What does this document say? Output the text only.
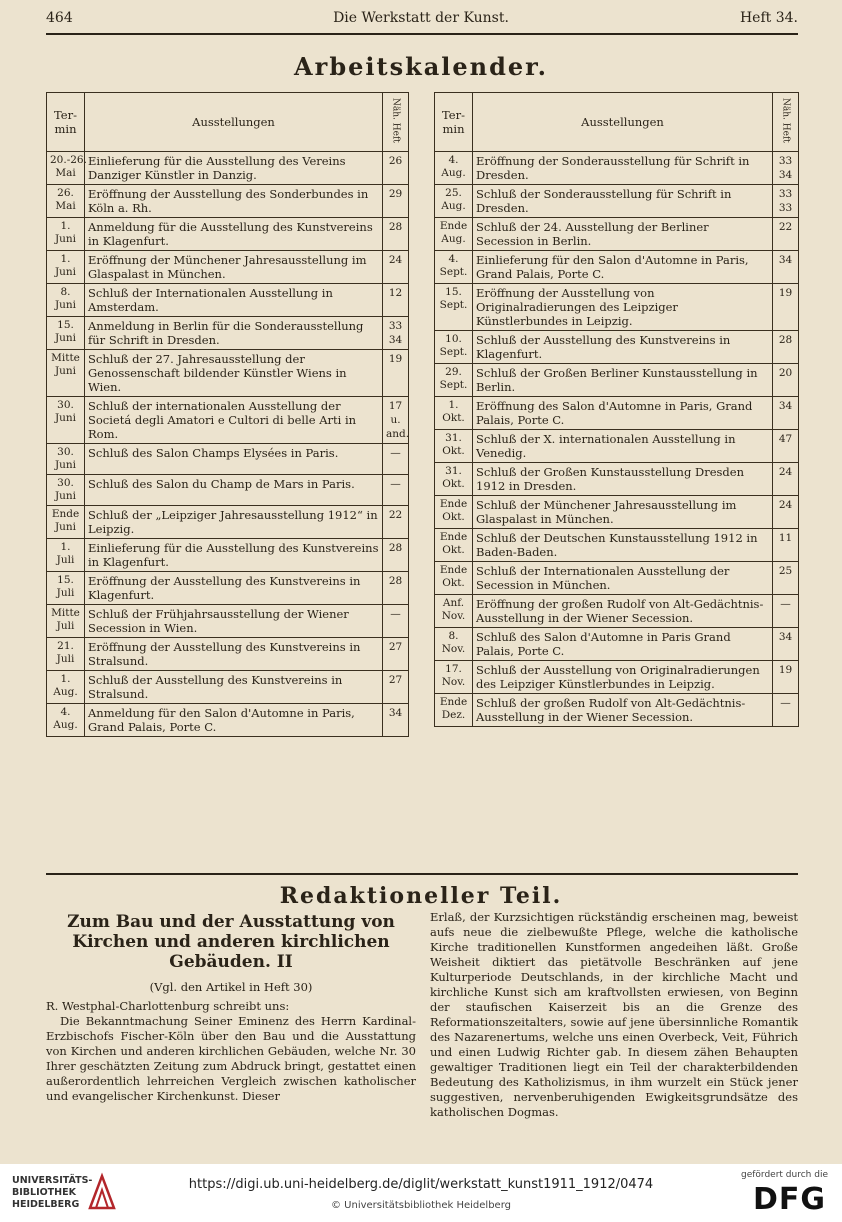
464	Die Werkstatt der Kunst.	Heft 34.
Arbeitskalender.
Ter- min	Ausstellungen	Näh. Heft
20.-26. Mai	Einlieferung für die Ausstellung des Vereins Danziger Künstler in Danzig.	26
26. Mai	Eröffnung der Ausstellung des Sonderbundes in Köln a. Rh.	29
1. Juni	Anmeldung für die Ausstellung des Kunstvereins in Klagenfurt.	28
1. Juni	Eröffnung der Münchener Jahresausstellung im Glaspalast in München.	24
8. Juni	Schluß der Internationalen Ausstellung in Amsterdam.	12
15. Juni	Anmeldung in Berlin für die Sonderausstellung für Schrift in Dresden.	33 34
Mitte Juni	Schluß der 27. Jahresausstellung der Genossenschaft bildender Künstler Wiens in Wien.	19
30. Juni	Schluß der internationalen Ausstellung der Societá degli Amatori e Cultori di belle Arti in Rom.	17 u. and.
30. Juni	Schluß des Salon Champs Elysées in Paris.	—
30. Juni	Schluß des Salon du Champ de Mars in Paris.	—
Ende Juni	Schluß der „Leipziger Jahresausstellung 1912“ in Leipzig.	22
1. Juli	Einlieferung für die Ausstellung des Kunstvereins in Klagenfurt.	28
15. Juli	Eröffnung der Ausstellung des Kunstvereins in Klagenfurt.	28
Mitte Juli	Schluß der Frühjahrsausstellung der Wiener Secession in Wien.	—
21. Juli	Eröffnung der Ausstellung des Kunstvereins in Stralsund.	27
1. Aug.	Schluß der Ausstellung des Kunstvereins in Stralsund.	27
4. Aug.	Anmeldung für den Salon d'Automne in Paris, Grand Palais, Porte C.	34
Ter- min	Ausstellungen	Näh. Heft
4. Aug.	Eröffnung der Sonderausstellung für Schrift in Dresden.	33 34
25. Aug.	Schluß der Sonderausstellung für Schrift in Dresden.	33 33
Ende Aug.	Schluß der 24. Ausstellung der Berliner Secession in Berlin.	22
4. Sept.	Einlieferung für den Salon d'Automne in Paris, Grand Palais, Porte C.	34
15. Sept.	Eröffnung der Ausstellung von Originalradierungen des Leipziger Künstlerbundes in Leipzig.	19
10. Sept.	Schluß der Ausstellung des Kunstvereins in Klagenfurt.	28
29. Sept.	Schluß der Großen Berliner Kunstausstellung in Berlin.	20
1. Okt.	Eröffnung des Salon d'Automne in Paris, Grand Palais, Porte C.	34
31. Okt.	Schluß der X. internationalen Ausstellung in Venedig.	47
31. Okt.	Schluß der Großen Kunstausstellung Dresden 1912 in Dresden.	24
Ende Okt.	Schluß der Münchener Jahresausstellung im Glaspalast in München.	24
Ende Okt.	Schluß der Deutschen Kunstausstellung 1912 in Baden-Baden.	11
Ende Okt.	Schluß der Internationalen Ausstellung der Secession in München.	25
Anf. Nov.	Eröffnung der großen Rudolf von Alt-Gedächtnis-Ausstellung in der Wiener Secession.	—
8. Nov.	Schluß des Salon d'Automne in Paris Grand Palais, Porte C.	34
17. Nov.	Schluß der Ausstellung von Originalradierungen des Leipziger Künstlerbundes in Leipzig.	19
Ende Dez.	Schluß der großen Rudolf von Alt-Gedächtnis-Ausstellung in der Wiener Secession.	—
Redaktioneller Teil.
Zum Bau und der Ausstattung von Kirchen und anderen kirchlichen Gebäuden. II
(Vgl. den Artikel in Heft 30)
R. Westphal-Charlottenburg schreibt uns:
Die Bekanntmachung Seiner Eminenz des Herrn Kardinal-Erzbischofs Fischer-Köln über den Bau und die Ausstattung von Kirchen und anderen kirchlichen Gebäuden, welche Nr. 30 Ihrer geschätzten Zeitung zum Abdruck bringt, gestattet einen außerordentlich lehrreichen Vergleich zwischen katholischer und evangelischer Kirchenkunst. Dieser
Erlaß, der Kurzsichtigen rückständig erscheinen mag, beweist aufs neue die zielbewußte Pflege, welche die katholische Kirche traditionellen Kunstformen angedeihen läßt. Große Weisheit diktiert das pietätvolle Beschränken auf jene Kulturperiode Deutschlands, in der kirchliche Macht und kirchliche Kunst sich am kraftvollsten erwiesen, von Beginn der staufischen Kaiserzeit bis an die Grenze des Reformationszeitalters, sowie auf jene übersinnliche Romantik des Nazarenertums, welche uns einen Overbeck, Veit, Führich und einen Ludwig Richter gab. In diesem zähen Behaupten gewaltiger Traditionen liegt ein Teil der charakterbildenden Bedeutung des Katholizismus, in ihm wurzelt ein Stück jener suggestiven, nervenberuhigenden Ewigkeitsgrundsätze des katholischen Dogmas.
UNIVERSITÄTS-
BIBLIOTHEK
HEIDELBERG
https://digi.ub.uni-heidelberg.de/diglit/werkstatt_kunst1911_1912/0474
© Universitätsbibliothek Heidelberg
gefördert durch die
DFG
